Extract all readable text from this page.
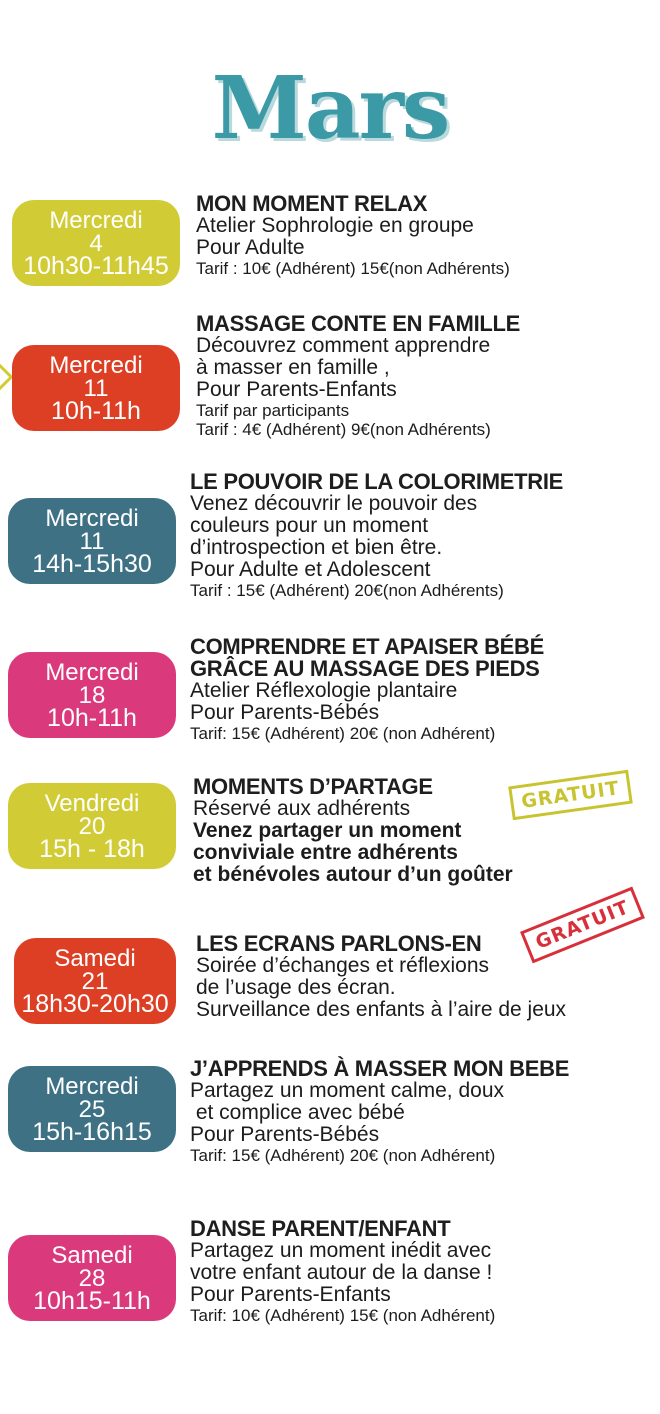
Mars
Mercredi
4
10h30-11h45
MON MOMENT RELAX
Atelier Sophrologie en groupe
Pour Adulte
Tarif : 10€ (Adhérent) 15€(non Adhérents)
Mercredi
11
10h-11h
MASSAGE CONTE EN FAMILLE
Découvrez comment apprendre
à masser en famille ,
Pour Parents-Enfants
Tarif par participants
Tarif : 4€ (Adhérent) 9€(non Adhérents)
Mercredi
11
14h-15h30
LE POUVOIR DE LA COLORIMETRIE
Venez découvrir le pouvoir des
couleurs pour un moment
d’introspection et bien être.
Pour Adulte et Adolescent
Tarif : 15€ (Adhérent) 20€(non Adhérents)
Mercredi
18
10h-11h
COMPRENDRE ET APAISER BÉBÉ
GRÂCE AU MASSAGE DES PIEDS
Atelier Réflexologie plantaire
Pour Parents-Bébés
Tarif: 15€ (Adhérent) 20€ (non Adhérent)
Vendredi
20
15h - 18h
MOMENTS D’PARTAGE
Réservé aux adhérents
Venez partager un moment
conviviale entre adhérents
et bénévoles autour d’un goûter
GRATUIT
Samedi
21
18h30-20h30
LES ECRANS PARLONS-EN
Soirée d’échanges et réflexions
de l’usage des écran.
Surveillance des enfants à l’aire de jeux
GRATUIT
Mercredi
25
15h-16h15
J’APPRENDS À MASSER MON BEBE
Partagez un moment calme, doux
et complice avec bébé
Pour Parents-Bébés
Tarif: 15€ (Adhérent) 20€ (non Adhérent)
Samedi
28
10h15-11h
DANSE PARENT/ENFANT
Partagez un moment inédit avec
votre enfant autour de la danse !
Pour Parents-Enfants
Tarif: 10€ (Adhérent) 15€ (non Adhérent)
